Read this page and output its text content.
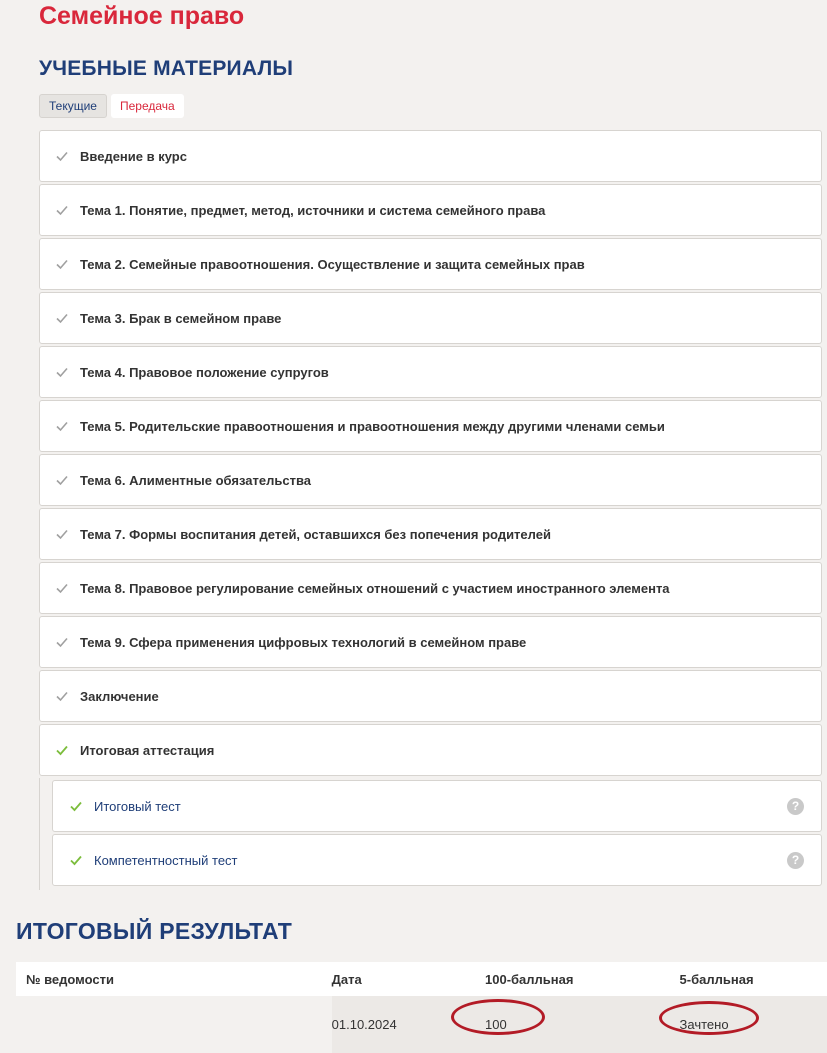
Семейное право
УЧЕБНЫЕ МАТЕРИАЛЫ
Текущие	Передача
Введение в курс
Тема 1. Понятие, предмет, метод, источники и система семейного права
Тема 2. Семейные правоотношения. Осуществление и защита семейных прав
Тема 3. Брак в семейном праве
Тема 4. Правовое положение супругов
Тема 5. Родительские правоотношения и правоотношения между другими членами семьи
Тема 6. Алиментные обязательства
Тема 7. Формы воспитания детей, оставшихся без попечения родителей
Тема 8. Правовое регулирование семейных отношений с участием иностранного элемента
Тема 9. Сфера применения цифровых технологий в семейном праве
Заключение
Итоговая аттестация
Итоговый тест	?
Компетентностный тест	?
ИТОГОВЫЙ РЕЗУЛЬТАТ
№ ведомости	Дата	100-балльная	5-балльная
	01.10.2024	100	Зачтено
